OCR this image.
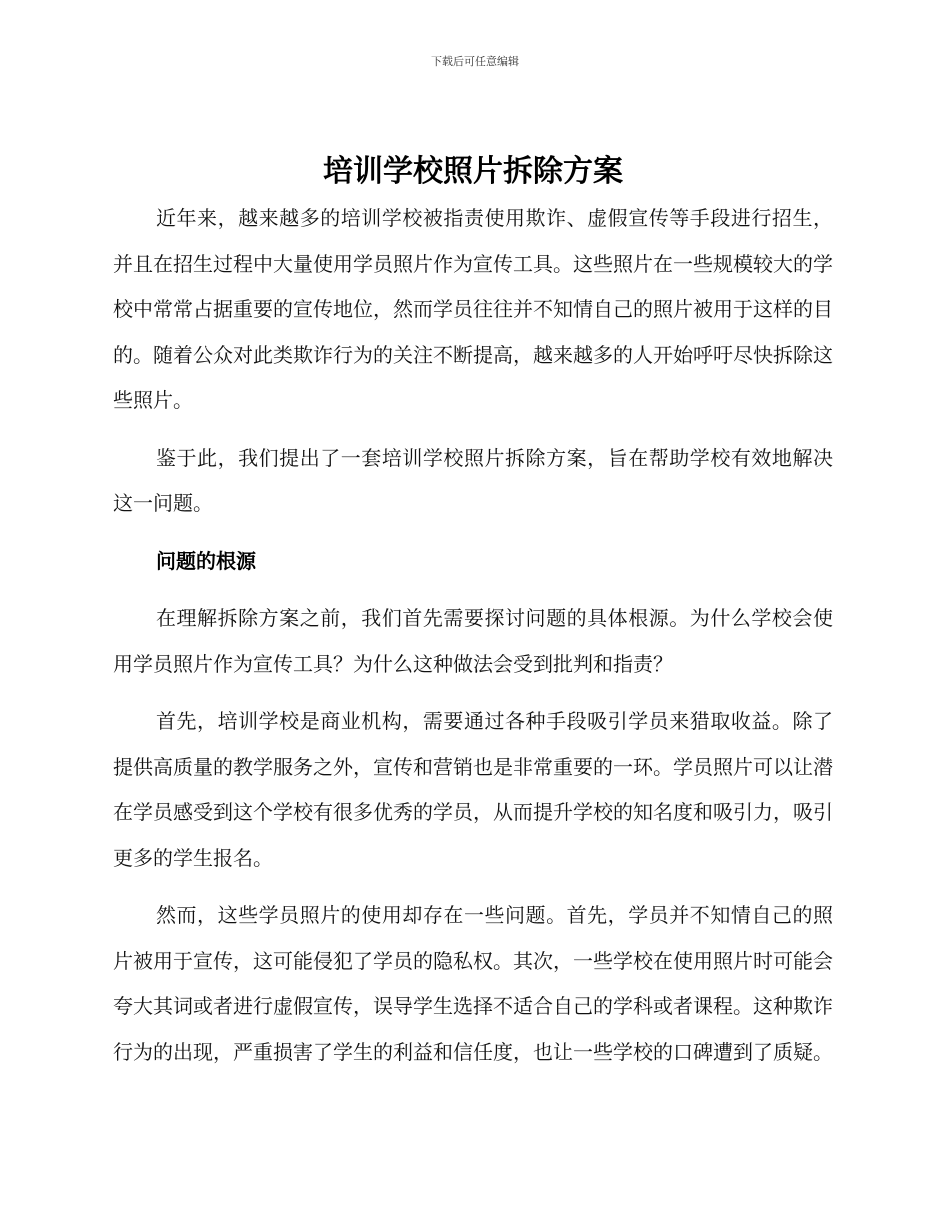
下载后可任意编辑
培训学校照片拆除方案

近年来，越来越多的培训学校被指责使用欺诈、虚假宣传等手段进行招生，并且在招生过程中大量使用学员照片作为宣传工具。这些照片在一些规模较大的学校中常常占据重要的宣传地位，然而学员往往并不知情自己的照片被用于这样的目的。随着公众对此类欺诈行为的关注不断提高，越来越多的人开始呼吁尽快拆除这些照片。

鉴于此，我们提出了一套培训学校照片拆除方案，旨在帮助学校有效地解决这一问题。

问题的根源

在理解拆除方案之前，我们首先需要探讨问题的具体根源。为什么学校会使用学员照片作为宣传工具？为什么这种做法会受到批判和指责？

首先，培训学校是商业机构，需要通过各种手段吸引学员来猎取收益。除了提供高质量的教学服务之外，宣传和营销也是非常重要的一环。学员照片可以让潜在学员感受到这个学校有很多优秀的学员，从而提升学校的知名度和吸引力，吸引更多的学生报名。

然而，这些学员照片的使用却存在一些问题。首先，学员并不知情自己的照片被用于宣传，这可能侵犯了学员的隐私权。其次，一些学校在使用照片时可能会夸大其词或者进行虚假宣传，误导学生选择不适合自己的学科或者课程。这种欺诈行为的出现，严重损害了学生的利益和信任度，也让一些学校的口碑遭到了质疑。
